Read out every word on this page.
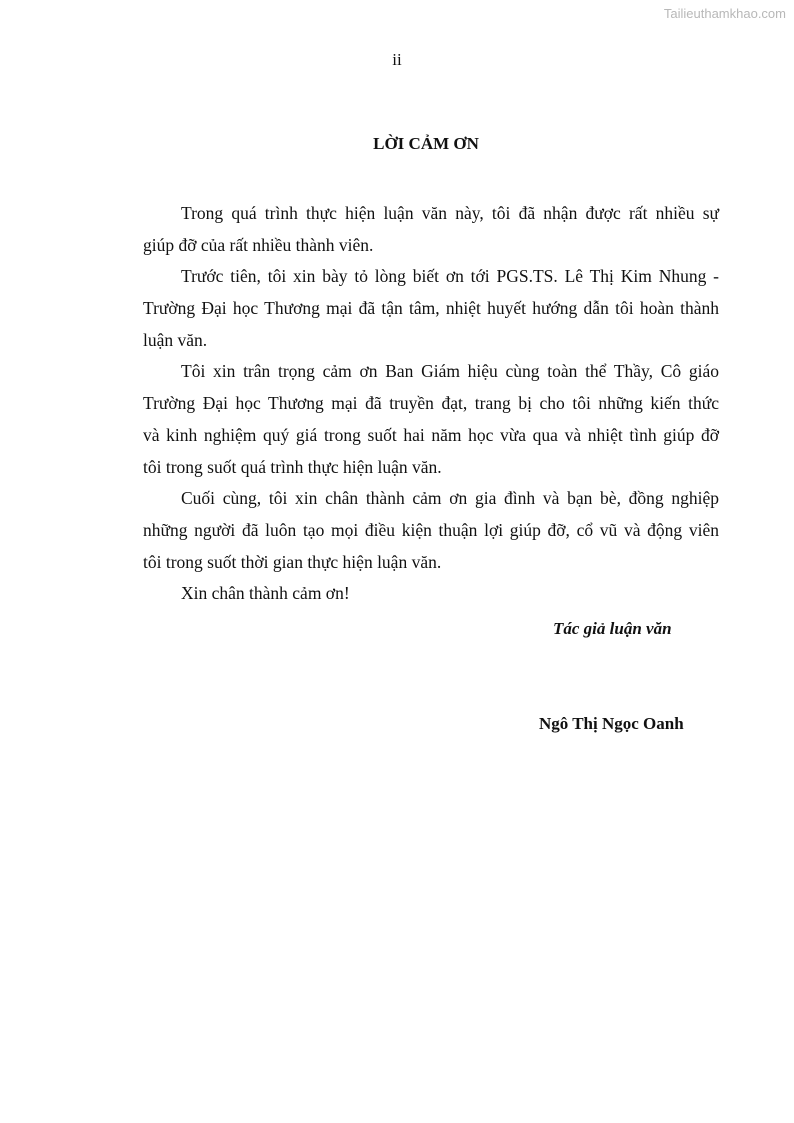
Tailieuthamkhao.com
ii
LỜI CẢM ƠN
Trong quá trình thực hiện luận văn này, tôi đã nhận được rất nhiều sự
giúp đỡ của rất nhiều thành viên.
Trước tiên, tôi xin bày tỏ lòng biết ơn tới PGS.TS. Lê Thị Kim Nhung -
Trường Đại học Thương mại đã tận tâm, nhiệt huyết hướng dẫn tôi hoàn thành
luận văn.
Tôi xin trân trọng cảm ơn Ban Giám hiệu cùng toàn thể Thầy, Cô giáo
Trường Đại học Thương mại đã truyền đạt, trang bị cho tôi những kiến thức
và kinh nghiệm quý giá trong suốt hai năm học vừa qua và nhiệt tình giúp đỡ
tôi trong suốt quá trình thực hiện luận văn.
Cuối cùng, tôi xin chân thành cảm ơn gia đình và bạn bè, đồng nghiệp
những người đã luôn tạo mọi điều kiện thuận lợi giúp đỡ, cổ vũ và động viên
tôi trong suốt thời gian thực hiện luận văn.
Xin chân thành cảm ơn!
Tác giả luận văn
Ngô Thị Ngọc Oanh
